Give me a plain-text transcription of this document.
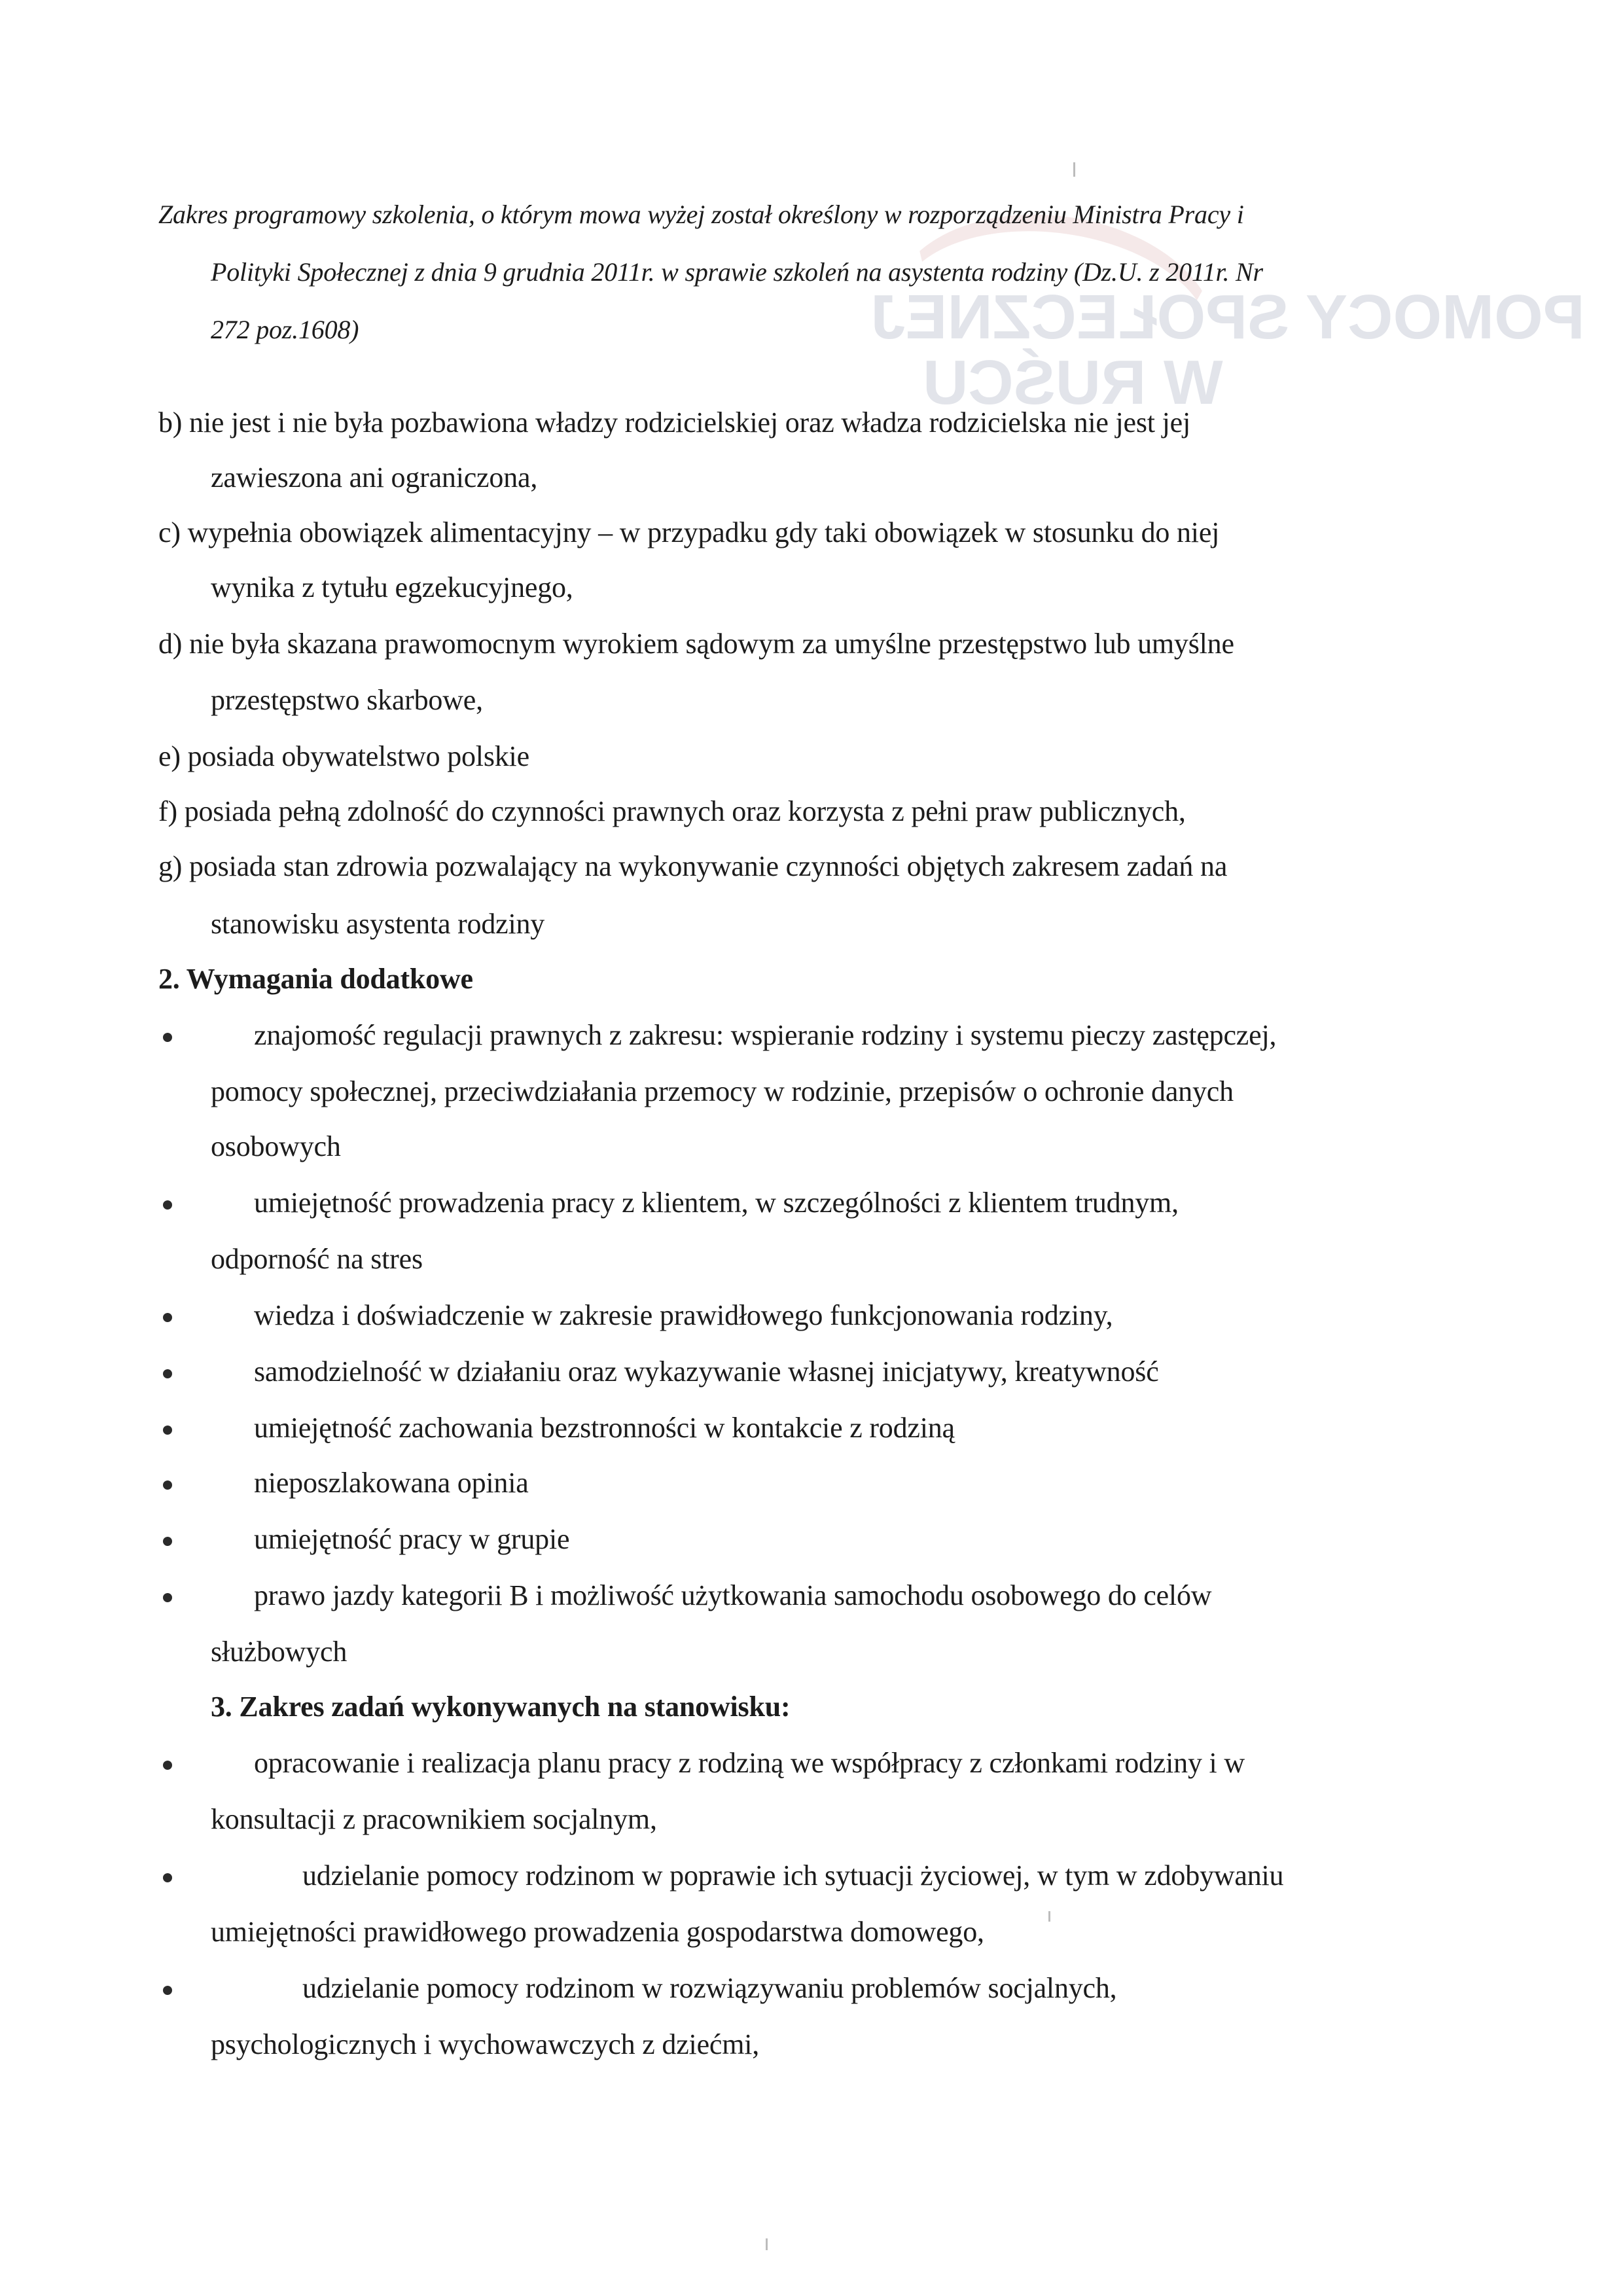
POMOCY SPOŁECZNEJ
W RUŚCU
Zakres programowy szkolenia, o którym mowa wyżej został określony w rozporządzeniu Ministra Pracy i
Polityki Społecznej z dnia 9 grudnia 2011r. w sprawie szkoleń na asystenta rodziny (Dz.U. z 2011r. Nr
272 poz.1608)
b) nie jest i nie była pozbawiona władzy rodzicielskiej oraz władza rodzicielska nie jest jej
zawieszona ani ograniczona,
c) wypełnia obowiązek alimentacyjny – w przypadku gdy taki obowiązek w stosunku do niej
wynika z tytułu egzekucyjnego,
d) nie była skazana prawomocnym wyrokiem sądowym za umyślne przestępstwo lub umyślne
przestępstwo skarbowe,
e) posiada obywatelstwo polskie
f) posiada pełną zdolność do czynności prawnych oraz korzysta z pełni praw publicznych,
g) posiada stan zdrowia pozwalający na wykonywanie czynności objętych zakresem zadań na
stanowisku asystenta rodziny
2. Wymagania dodatkowe
znajomość regulacji prawnych z zakresu: wspieranie rodziny i systemu pieczy zastępczej,
pomocy społecznej, przeciwdziałania przemocy w rodzinie, przepisów o ochronie danych
osobowych
umiejętność prowadzenia pracy z klientem, w szczególności z klientem trudnym,
odporność na stres
wiedza i doświadczenie w zakresie prawidłowego funkcjonowania rodziny,
samodzielność w działaniu oraz wykazywanie własnej inicjatywy, kreatywność
umiejętność zachowania bezstronności w kontakcie z rodziną
nieposzlakowana opinia
umiejętność pracy w grupie
prawo jazdy kategorii B i możliwość użytkowania samochodu osobowego do celów
służbowych
3. Zakres zadań wykonywanych na stanowisku:
opracowanie i realizacja planu pracy z rodziną we współpracy z członkami rodziny i w
konsultacji z pracownikiem socjalnym,
udzielanie pomocy rodzinom w poprawie ich sytuacji życiowej, w tym w zdobywaniu
umiejętności prawidłowego prowadzenia gospodarstwa domowego,
udzielanie pomocy rodzinom w rozwiązywaniu problemów socjalnych,
psychologicznych i wychowawczych z dziećmi,
